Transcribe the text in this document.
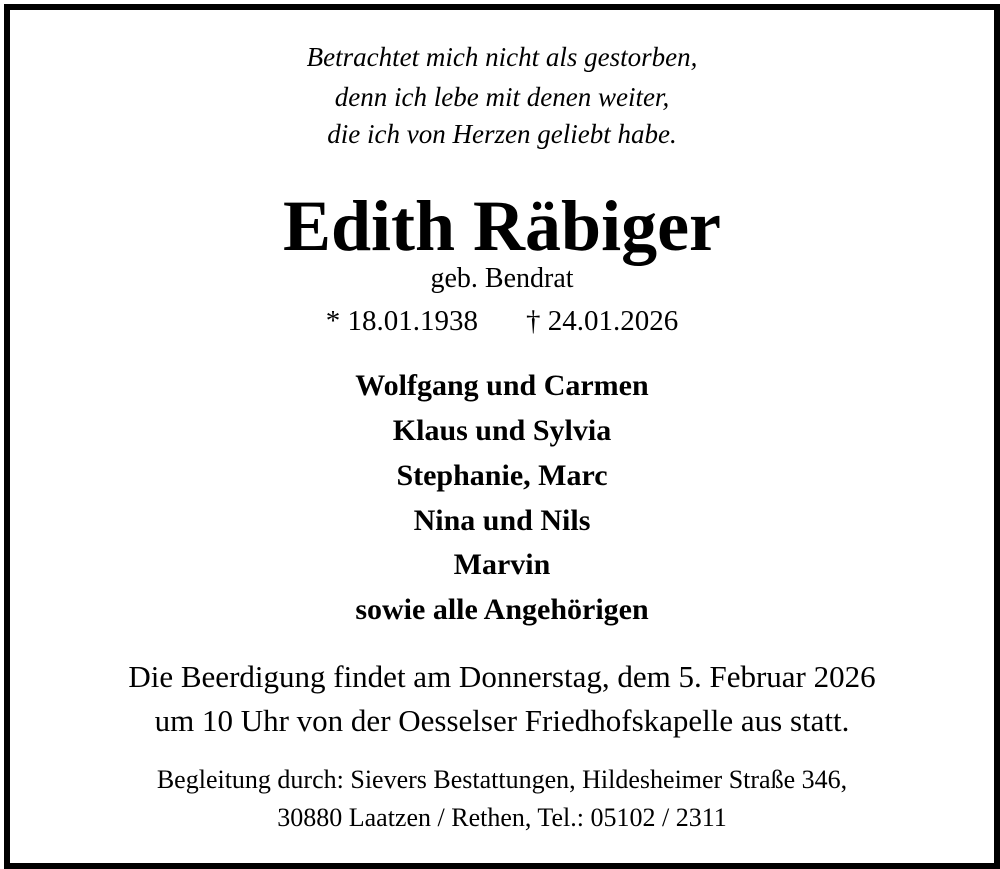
Betrachtet mich nicht als gestorben,
denn ich lebe mit denen weiter,
die ich von Herzen geliebt habe.
Edith Räbiger
geb. Bendrat
* 18.01.1938 † 24.01.2026
Wolfgang und Carmen
Klaus und Sylvia
Stephanie, Marc
Nina und Nils
Marvin
sowie alle Angehörigen
Die Beerdigung findet am Donnerstag, dem 5. Februar 2026
um 10 Uhr von der Oesselser Friedhofskapelle aus statt.
Begleitung durch: Sievers Bestattungen, Hildesheimer Straße 346,
30880 Laatzen / Rethen, Tel.: 05102 / 2311
